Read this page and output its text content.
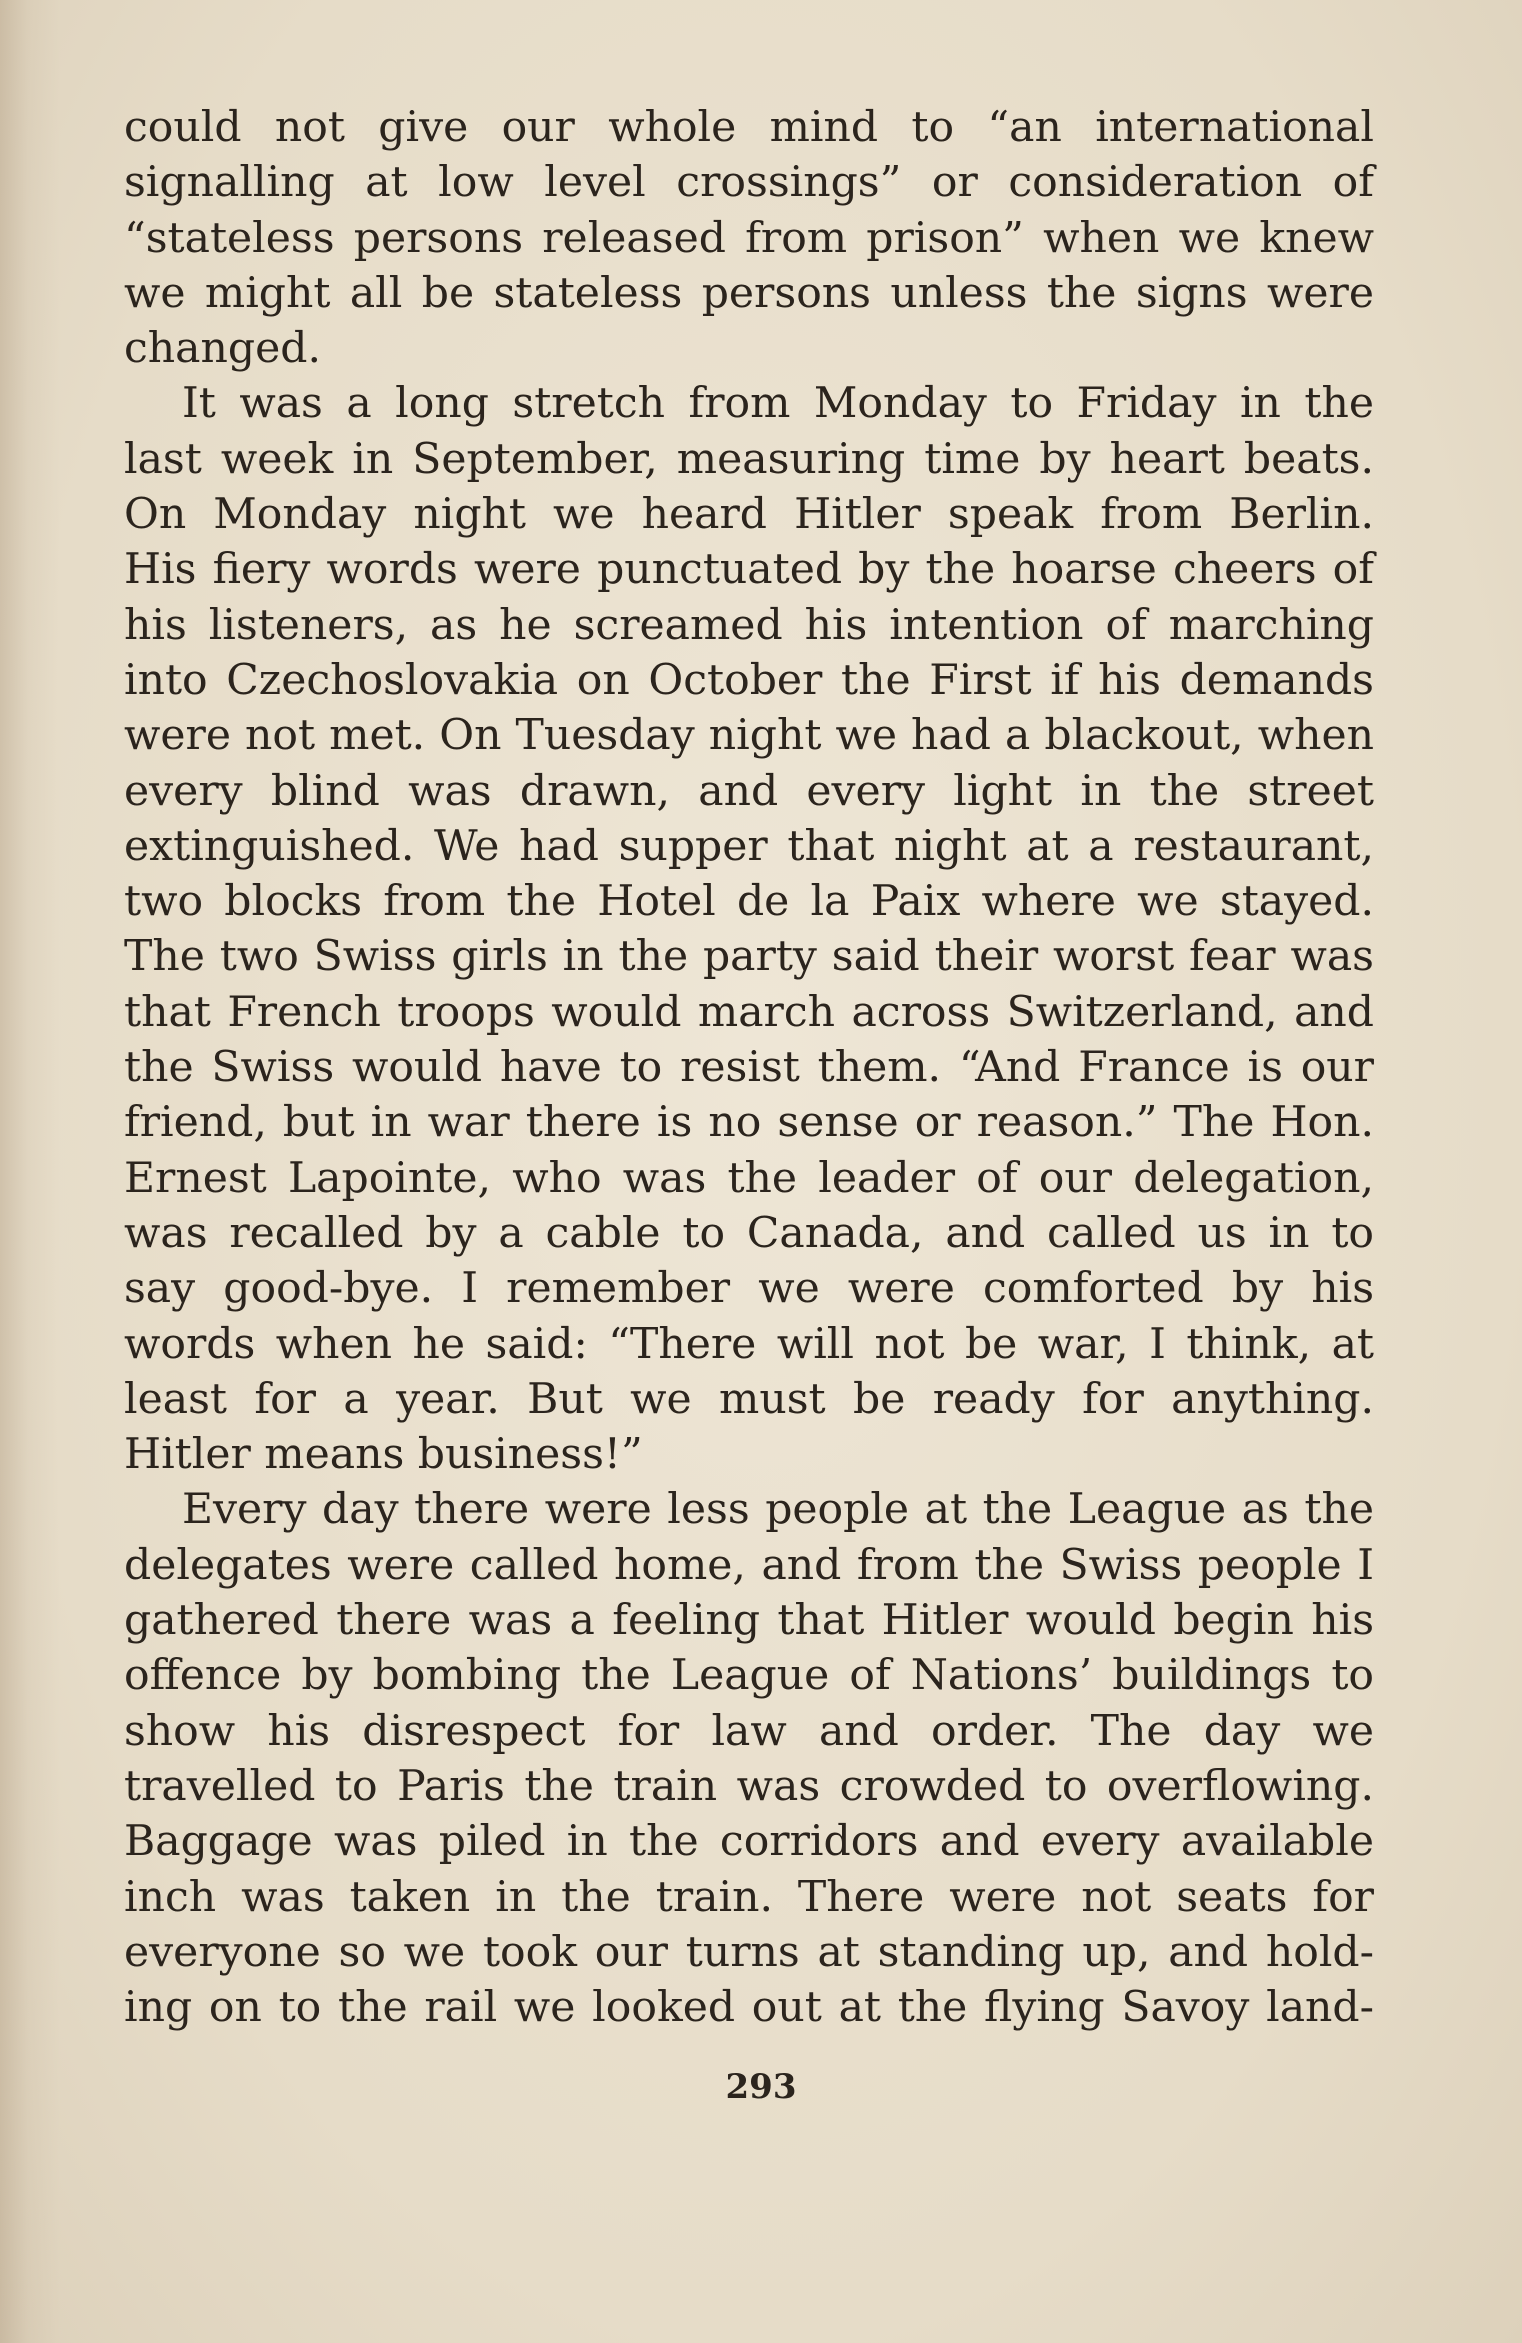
could not give our whole mind to “an international
signalling at low level crossings” or consideration of
“stateless persons released from prison” when we knew
we might all be stateless persons unless the signs were
changed.
It was a long stretch from Monday to Friday in the
last week in September, measuring time by heart beats.
On Monday night we heard Hitler speak from Berlin.
His fiery words were punctuated by the hoarse cheers of
his listeners, as he screamed his intention of marching
into Czechoslovakia on October the First if his demands
were not met. On Tuesday night we had a blackout, when
every blind was drawn, and every light in the street
extinguished. We had supper that night at a restaurant,
two blocks from the Hotel de la Paix where we stayed.
The two Swiss girls in the party said their worst fear was
that French troops would march across Switzerland, and
the Swiss would have to resist them. “And France is our
friend, but in war there is no sense or reason.” The Hon.
Ernest Lapointe, who was the leader of our delegation,
was recalled by a cable to Canada, and called us in to
say good-bye. I remember we were comforted by his
words when he said: “There will not be war, I think, at
least for a year. But we must be ready for anything.
Hitler means business!”
Every day there were less people at the League as the
delegates were called home, and from the Swiss people I
gathered there was a feeling that Hitler would begin his
offence by bombing the League of Nations’ buildings to
show his disrespect for law and order. The day we
travelled to Paris the train was crowded to overflowing.
Baggage was piled in the corridors and every available
inch was taken in the train. There were not seats for
everyone so we took our turns at standing up, and hold-
ing on to the rail we looked out at the flying Savoy land-
293
